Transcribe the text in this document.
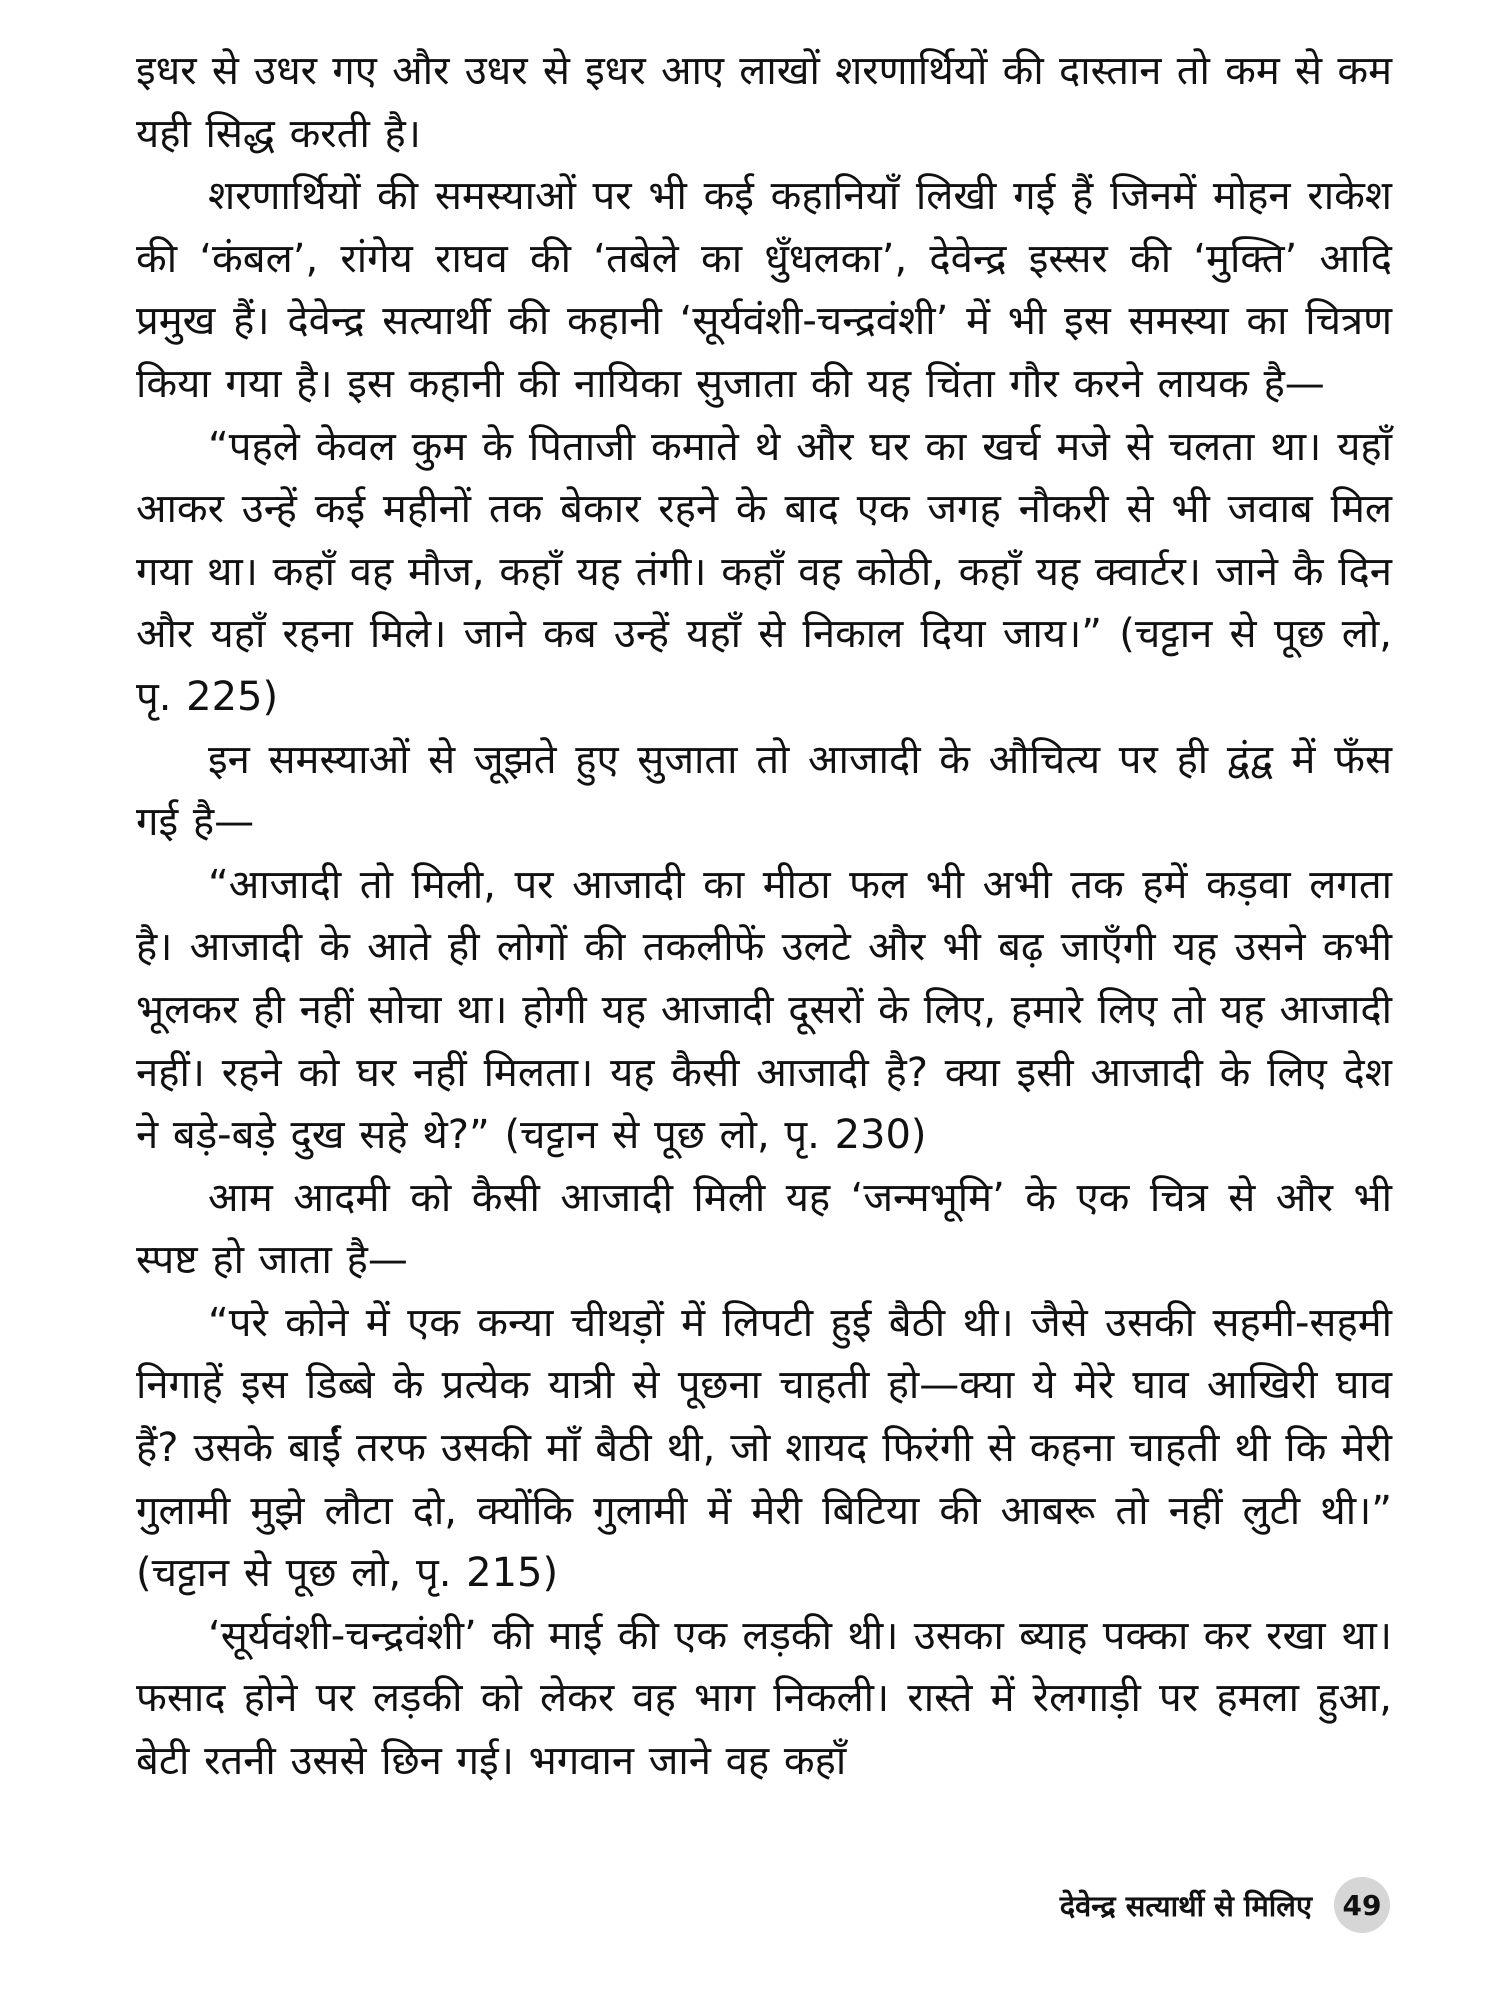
इधर से उधर गए और उधर से इधर आए लाखों शरणार्थियों की दास्तान तो कम से कम यही सिद्ध करती है।

शरणार्थियों की समस्याओं पर भी कई कहानियाँ लिखी गई हैं जिनमें मोहन राकेश की ‘कंबल’, रांगेय राघव की ‘तबेले का धुँधलका’, देवेन्द्र इस्सर की ‘मुक्ति’ आदि प्रमुख हैं। देवेन्द्र सत्यार्थी की कहानी ‘सूर्यवंशी-चन्द्रवंशी’ में भी इस समस्या का चित्रण किया गया है। इस कहानी की नायिका सुजाता की यह चिंता गौर करने लायक है—

“पहले केवल कुम के पिताजी कमाते थे और घर का खर्च मजे से चलता था। यहाँ आकर उन्हें कई महीनों तक बेकार रहने के बाद एक जगह नौकरी से भी जवाब मिल गया था। कहाँ वह मौज, कहाँ यह तंगी। कहाँ वह कोठी, कहाँ यह क्वार्टर। जाने कै दिन और यहाँ रहना मिले। जाने कब उन्हें यहाँ से निकाल दिया जाय।” (चट्टान से पूछ लो, पृ. 225)

इन समस्याओं से जूझते हुए सुजाता तो आजादी के औचित्य पर ही द्वंद्व में फँस गई है—

“आजादी तो मिली, पर आजादी का मीठा फल भी अभी तक हमें कड़वा लगता है। आजादी के आते ही लोगों की तकलीफें उलटे और भी बढ़ जाएँगी यह उसने कभी भूलकर ही नहीं सोचा था। होगी यह आजादी दूसरों के लिए, हमारे लिए तो यह आजादी नहीं। रहने को घर नहीं मिलता। यह कैसी आजादी है? क्या इसी आजादी के लिए देश ने बड़े-बड़े दुख सहे थे?” (चट्टान से पूछ लो, पृ. 230)

आम आदमी को कैसी आजादी मिली यह ‘जन्मभूमि’ के एक चित्र से और भी स्पष्ट हो जाता है—

“परे कोने में एक कन्या चीथड़ों में लिपटी हुई बैठी थी। जैसे उसकी सहमी-सहमी निगाहें इस डिब्बे के प्रत्येक यात्री से पूछना चाहती हो—क्या ये मेरे घाव आखिरी घाव हैं? उसके बाईं तरफ उसकी माँ बैठी थी, जो शायद फिरंगी से कहना चाहती थी कि मेरी गुलामी मुझे लौटा दो, क्योंकि गुलामी में मेरी बिटिया की आबरू तो नहीं लुटी थी।” (चट्टान से पूछ लो, पृ. 215)

‘सूर्यवंशी-चन्द्रवंशी’ की माई की एक लड़की थी। उसका ब्याह पक्का कर रखा था। फसाद होने पर लड़की को लेकर वह भाग निकली। रास्ते में रेलगाड़ी पर हमला हुआ, बेटी रतनी उससे छिन गई। भगवान जाने वह कहाँ

देवेन्द्र सत्यार्थी से मिलिए	49
